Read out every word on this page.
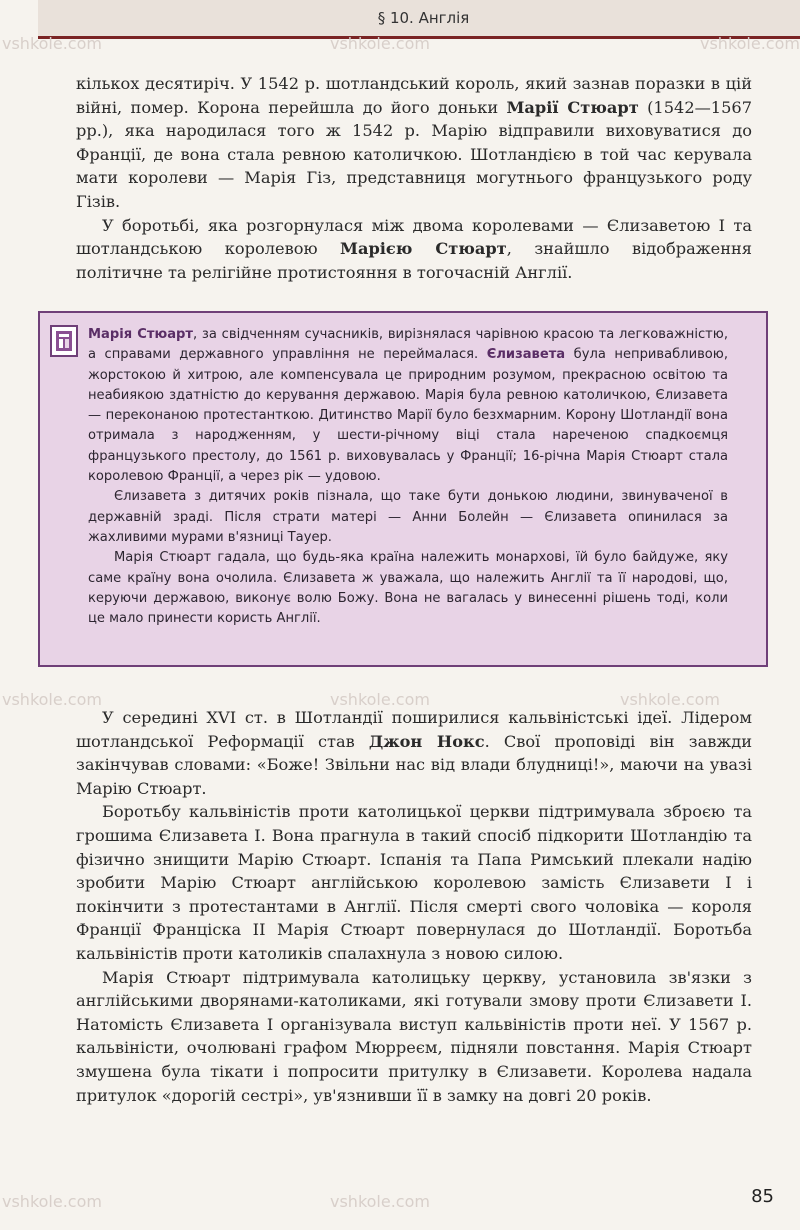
§ 10. Англія
vshkole.com	vshkole.com	vshkole.com
vshkole.com	vshkole.com	vshkole.com
vshkole.com	vshkole.com

кількох десятиріч. У 1542 р. шотландський король, який зазнав поразки в цій війні, помер. Корона перейшла до його доньки Марії Стюарт (1542—1567 рр.), яка народилася того ж 1542 р. Марію відправили виховуватися до Франції, де вона стала ревною католичкою. Шотландією в той час керувала мати королеви — Марія Гіз, представниця могутнього французького роду Гізів.

У боротьбі, яка розгорнулася між двома королевами — Єлизаветою І та шотландською королевою Марією Стюарт, знайшло відображення політичне та релігійне протистояння в тогочасній Англії.

Марія Стюарт, за свідченням сучасників, вирізнялася чарівною красою та легковажністю, а справами державного управління не переймалася. Єлизавета була непривабливою, жорстокою й хитрою, але компенсувала це природним розумом, прекрасною освітою та неабиякою здатністю до керування державою. Марія була ревною католичкою, Єлизавета — переконаною протестанткою. Дитинство Марії було безхмарним. Корону Шотландії вона отримала з народженням, у шести-річному віці стала нареченою спадкоємця французького престолу, до 1561 р. виховувалась у Франції; 16-річна Марія Стюарт стала королевою Франції, а через рік — удовою.

Єлизавета з дитячих років пізнала, що таке бути донькою людини, звинуваченої в державній зраді. Після страти матері — Анни Болейн — Єлизавета опинилася за жахливими мурами в'язниці Тауер.

Марія Стюарт гадала, що будь-яка країна належить монархові, їй було байдуже, яку саме країну вона очолила. Єлизавета ж уважала, що належить Англії та її народові, що, керуючи державою, виконує волю Божу. Вона не вагалась у винесенні рішень тоді, коли це мало принести користь Англії.

У середині XVI ст. в Шотландії поширилися кальвіністські ідеї. Лідером шотландської Реформації став Джон Нокс. Свої проповіді він завжди закінчував словами: «Боже! Звільни нас від влади блудниці!», маючи на увазі Марію Стюарт.

Боротьбу кальвіністів проти католицької церкви підтримувала зброєю та грошима Єлизавета І. Вона прагнула в такий спосіб підкорити Шотландію та фізично знищити Марію Стюарт. Іспанія та Папа Римський плекали надію зробити Марію Стюарт англійською королевою замість Єлизавети І і покінчити з протестантами в Англії. Після смерті свого чоловіка — короля Франції Франціска ІІ Марія Стюарт повернулася до Шотландії. Боротьба кальвіністів проти католиків спалахнула з новою силою.

Марія Стюарт підтримувала католицьку церкву, установила зв'язки з англійськими дворянами-католиками, які готували змову проти Єлизавети І. Натомість Єлизавета І організувала виступ кальвіністів проти неї. У 1567 р. кальвіністи, очолювані графом Мюрреєм, підняли повстання. Марія Стюарт змушена була тікати і попросити притулку в Єлизавети. Королева надала притулок «дорогій сестрі», ув'язнивши її в замку на довгі 20 років.

85
